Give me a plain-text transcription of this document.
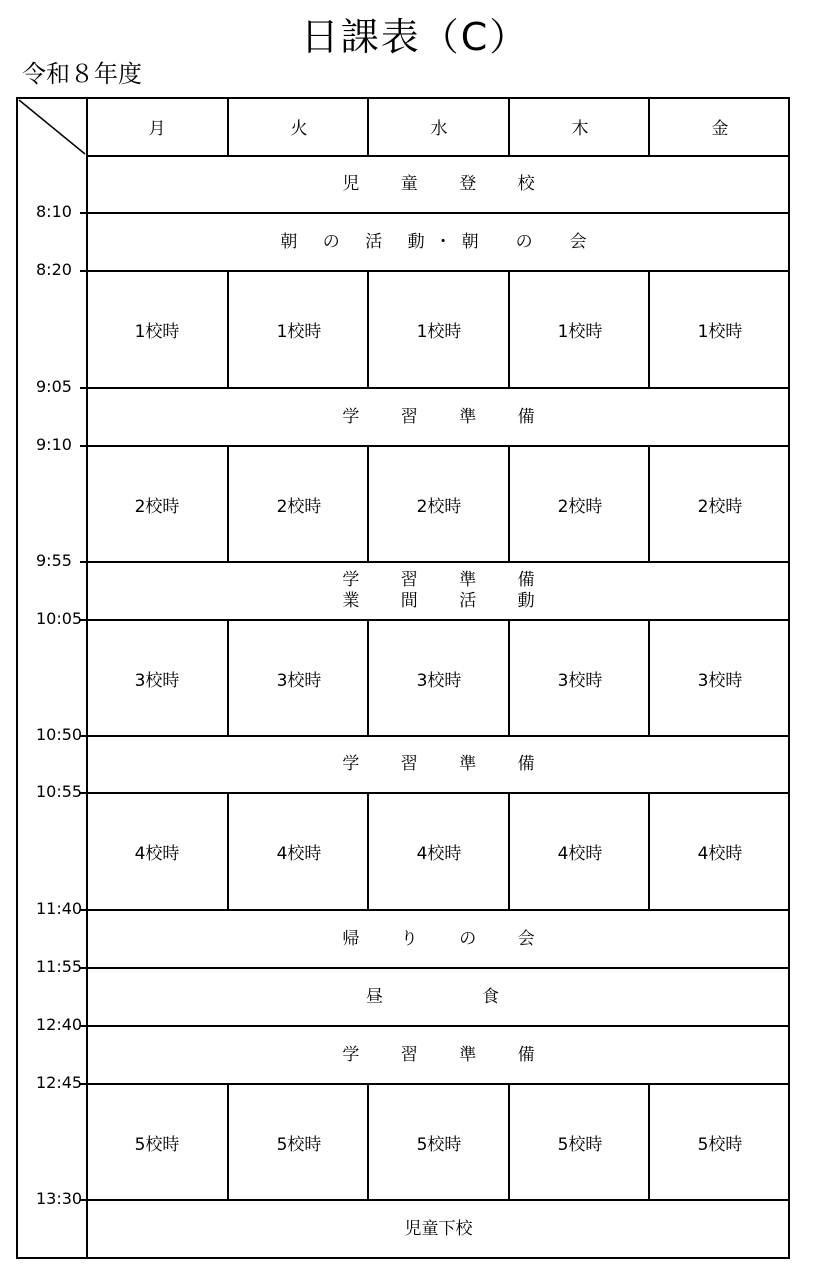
日課表（C）
令和８年度
月	火	水	木	金
児 童 登 校
8:10
朝 の 活 動・朝　の　会
8:20
1校時	1校時	1校時	1校時	1校時
9:05
学 習 準 備
9:10
2校時	2校時	2校時	2校時	2校時
9:55
学 習 準 備
業 間 活 動
10:05
3校時	3校時	3校時	3校時	3校時
10:50
学 習 準 備
10:55
4校時	4校時	4校時	4校時	4校時
11:40
帰 り の 会
11:55
昼　　　食
12:40
学 習 準 備
12:45
5校時	5校時	5校時	5校時	5校時
13:30
児童下校
